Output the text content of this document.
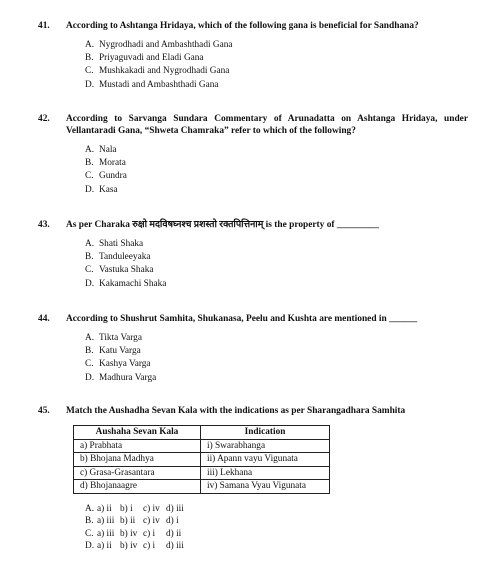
41.	According to Ashtanga Hridaya, which of the following gana is beneficial for Sandhana?
A. Nygrodhadi and Ambashthadi Gana
B. Priyaguvadi and Eladi Gana
C. Mushkakadi and Nygrodhadi Gana
D. Mustadi and Ambashthadi Gana
42.	According to Sarvanga Sundara Commentary of Arunadatta on Ashtanga Hridaya, under Vellantaradi Gana, “Shweta Chamraka” refer to which of the following?
A. Nala
B. Morata
C. Gundra
D. Kasa
43.	As per Charaka रुक्षो मदविषघ्नश्च प्रशस्तो रक्तपित्तिनाम् is the property of _________
A. Shati Shaka
B. Tanduleeyaka
C. Vastuka Shaka
D. Kakamachi Shaka
44.	According to Shushrut Samhita, Shukanasa, Peelu and Kushta are mentioned in ______
A. Tikta Varga
B. Katu Varga
C. Kashya Varga
D. Madhura Varga
45.	Match the Aushadha Sevan Kala with the indications as per Sharangadhara Samhita
Aushaha Sevan Kala	Indication
a) Prabhata	i) Swarabhanga
b) Bhojana Madhya	ii) Apann vayu Vigunata
c) Grasa-Grasantara	iii) Lekhana
d) Bhojanaagre	iv) Samana Vyau Vigunata
A. a) ii b) i	c) iv d) iii
B. a) iii b) ii c) iv d) i
C. a) iii b) iv c) i	d) ii
D. a) ii b) iv c) i	d) iii
